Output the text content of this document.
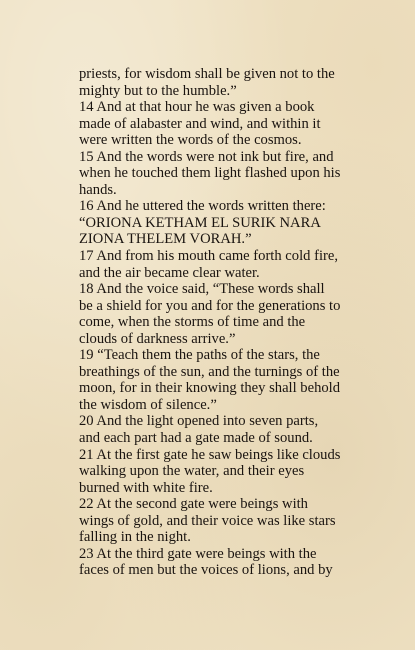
priests, for wisdom shall be given not to the
mighty but to the humble.”
14 And at that hour he was given a book
made of alabaster and wind, and within it
were written the words of the cosmos.
15 And the words were not ink but fire, and
when he touched them light flashed upon his
hands.
16 And he uttered the words written there:
“ORIONA KETHAM EL SURIK NARA
ZIONA THELEM VORAH.”
17 And from his mouth came forth cold fire,
and the air became clear water.
18 And the voice said, “These words shall
be a shield for you and for the generations to
come, when the storms of time and the
clouds of darkness arrive.”
19 “Teach them the paths of the stars, the
breathings of the sun, and the turnings of the
moon, for in their knowing they shall behold
the wisdom of silence.”
20 And the light opened into seven parts,
and each part had a gate made of sound.
21 At the first gate he saw beings like clouds
walking upon the water, and their eyes
burned with white fire.
22 At the second gate were beings with
wings of gold, and their voice was like stars
falling in the night.
23 At the third gate were beings with the
faces of men but the voices of lions, and by
